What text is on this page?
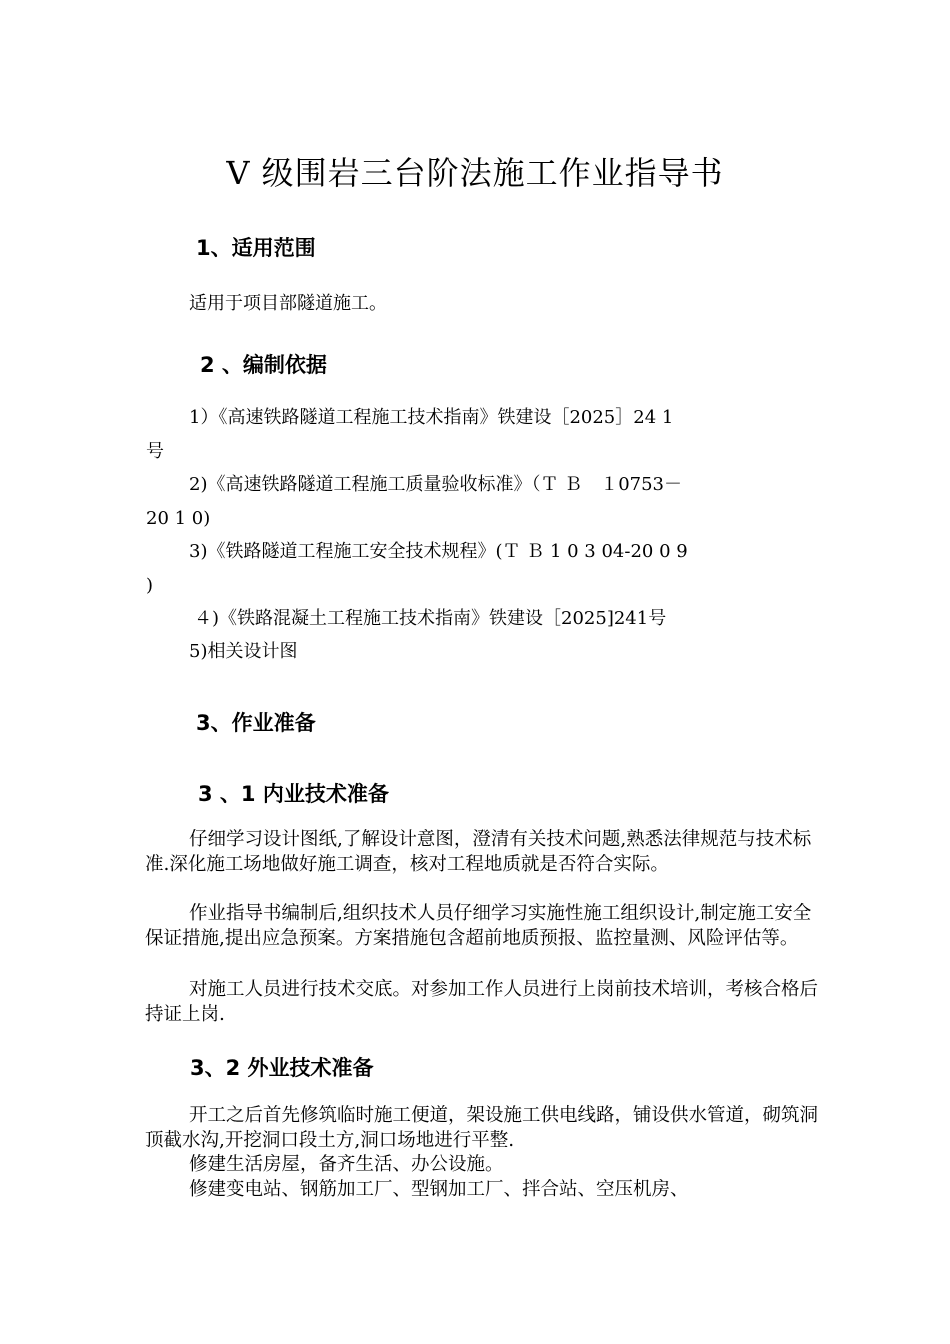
V 级围岩三台阶法施工作业指导书
1、适用范围
适用于项目部隧道施工。
2 、编制依据
1）《高速铁路隧道工程施工技术指南》铁建设［2025］24 1
号
2)《高速铁路隧道工程施工质量验收标准》（Ｔ Ｂ　１0753－
20 1 0)
3)《铁路隧道工程施工安全技术规程》(Ｔ Ｂ 1 0 3 04-20 0 9
)
４)《铁路混凝土工程施工技术指南》铁建设［2025]241号
5)相关设计图
3、作业准备
3 、1 内业技术准备
仔细学习设计图纸,了解设计意图，澄清有关技术问题,熟悉法律规范与技术标准.深化施工场地做好施工调查，核对工程地质就是否符合实际。
作业指导书编制后,组织技术人员仔细学习实施性施工组织设计,制定施工安全保证措施,提出应急预案。方案措施包含超前地质预报、监控量测、风险评估等。
对施工人员进行技术交底。对参加工作人员进行上岗前技术培训，考核合格后持证上岗.
3、2 外业技术准备
开工之后首先修筑临时施工便道，架设施工供电线路，铺设供水管道，砌筑洞顶截水沟,开挖洞口段土方,洞口场地进行平整.
修建生活房屋，备齐生活、办公设施。
修建变电站、钢筋加工厂、型钢加工厂、拌合站、空压机房、
